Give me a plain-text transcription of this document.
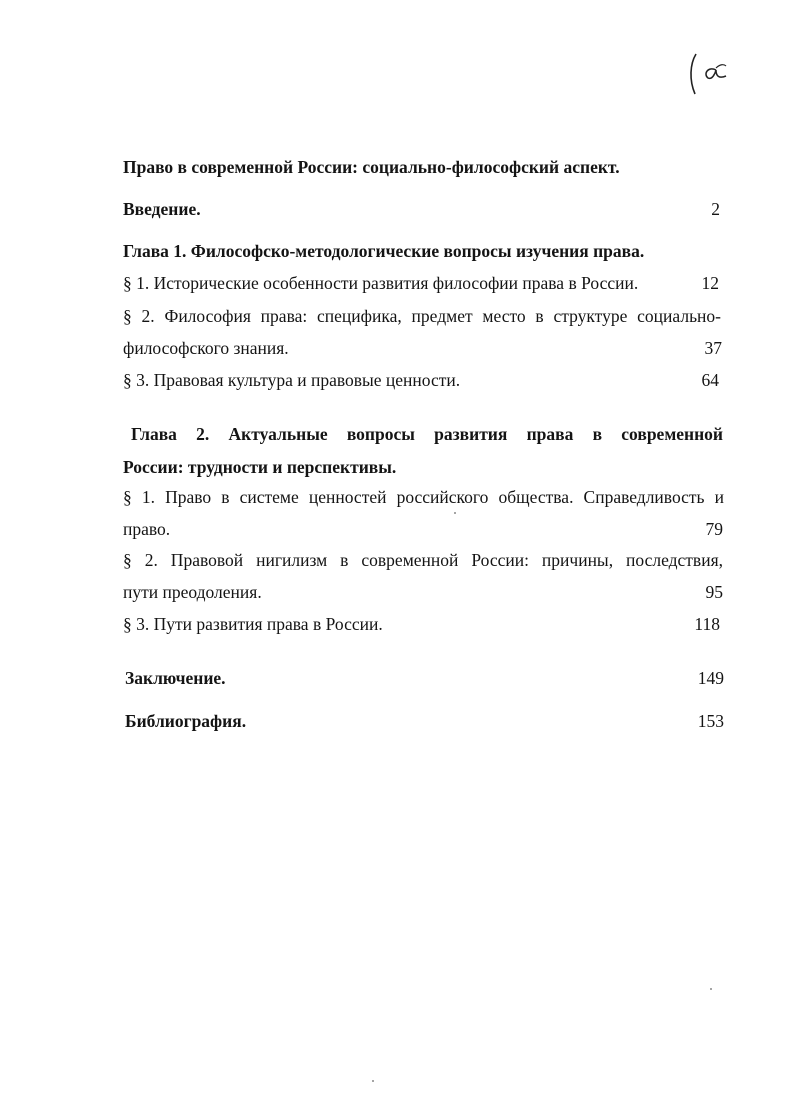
Право в современной России: социально-философский аспект.
Введение.	2
Глава 1. Философско-методологические вопросы изучения права.
§ 1. Исторические особенности развития философии права в России.	12
§ 2. Философия права: специфика, предмет место в структуре социально-
философского знания.	37
§ 3. Правовая культура и правовые ценности.	64
Глава 2. Актуальные вопросы развития права в современной
России: трудности и перспективы.
§ 1. Право в системе ценностей российского общества. Справедливость и
право.	79
§ 2. Правовой нигилизм в современной России: причины, последствия,
пути преодоления.	95
§ 3. Пути развития права в России.	118
Заключение.	149
Библиография.	153
